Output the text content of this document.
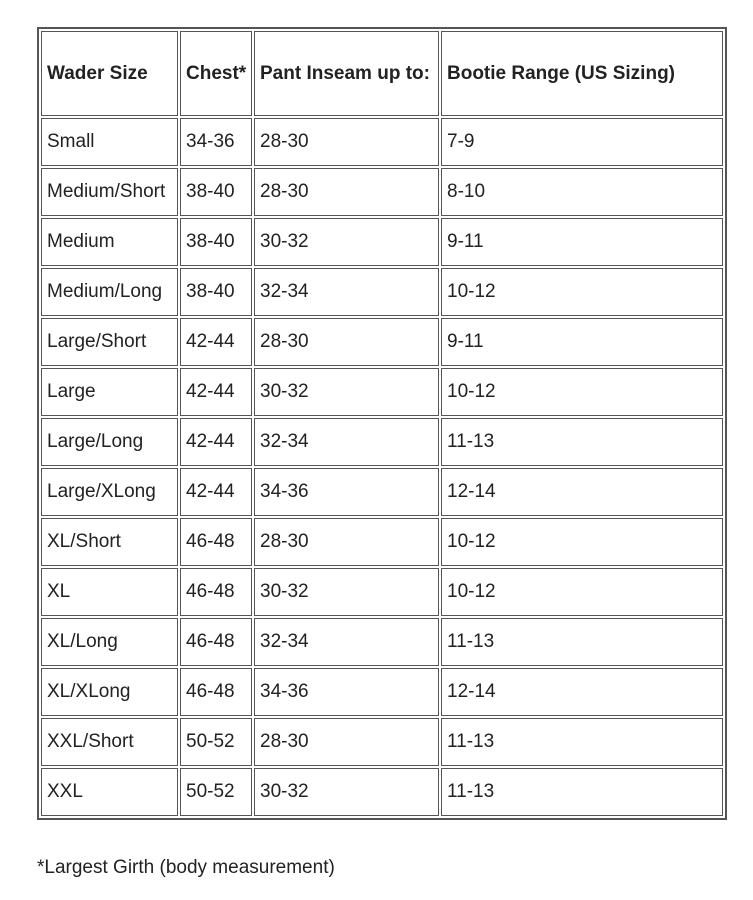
Wader Size	Chest*	Pant Inseam up to:	Bootie Range (US Sizing)
Small	34-36	28-30	7-9
Medium/Short	38-40	28-30	8-10
Medium	38-40	30-32	9-11
Medium/Long	38-40	32-34	10-12
Large/Short	42-44	28-30	9-11
Large	42-44	30-32	10-12
Large/Long	42-44	32-34	11-13
Large/XLong	42-44	34-36	12-14
XL/Short	46-48	28-30	10-12
XL	46-48	30-32	10-12
XL/Long	46-48	32-34	11-13
XL/XLong	46-48	34-36	12-14
XXL/Short	50-52	28-30	11-13
XXL	50-52	30-32	11-13

*Largest Girth (body measurement)
